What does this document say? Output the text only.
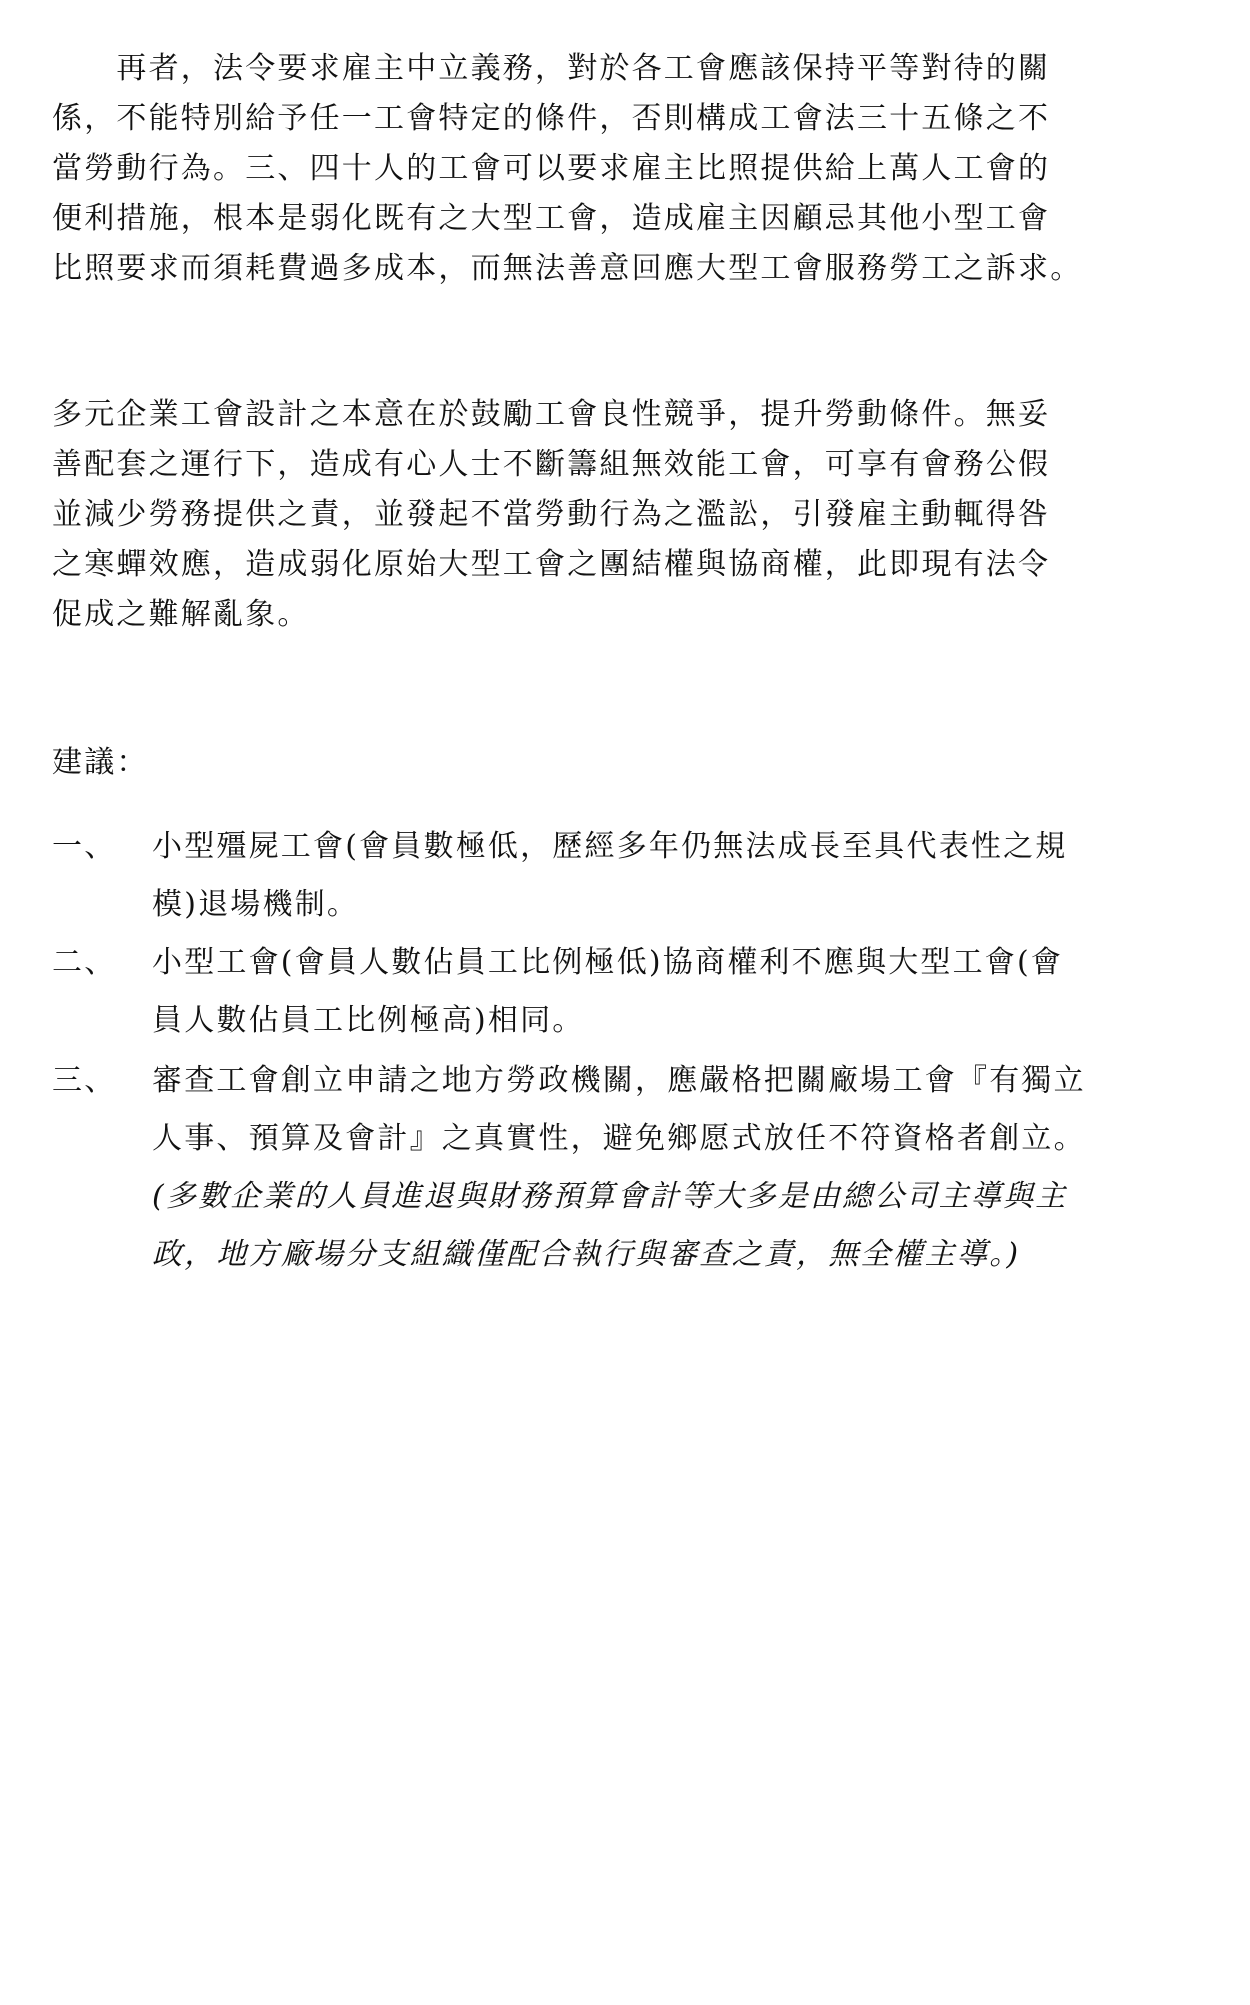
　　再者，法令要求雇主中立義務，對於各工會應該保持平等對待的關
係，不能特別給予任一工會特定的條件，否則構成工會法三十五條之不
當勞動行為。三、四十人的工會可以要求雇主比照提供給上萬人工會的
便利措施，根本是弱化既有之大型工會，造成雇主因顧忌其他小型工會
比照要求而須耗費過多成本，而無法善意回應大型工會服務勞工之訴求。

多元企業工會設計之本意在於鼓勵工會良性競爭，提升勞動條件。無妥
善配套之運行下，造成有心人士不斷籌組無效能工會，可享有會務公假
並減少勞務提供之責，並發起不當勞動行為之濫訟，引發雇主動輒得咎
之寒蟬效應，造成弱化原始大型工會之團結權與協商權，此即現有法令
促成之難解亂象。

建議：

一、	小型殭屍工會(會員數極低，歷經多年仍無法成長至具代表性之規
模)退場機制。
二、	小型工會(會員人數佔員工比例極低)協商權利不應與大型工會(會
員人數佔員工比例極高)相同。
三、	審查工會創立申請之地方勞政機關，應嚴格把關廠場工會『有獨立
人事、預算及會計』之真實性，避免鄉愿式放任不符資格者創立。
(多數企業的人員進退與財務預算會計等大多是由總公司主導與主
政，地方廠場分支組織僅配合執行與審查之責，無全權主導。)
